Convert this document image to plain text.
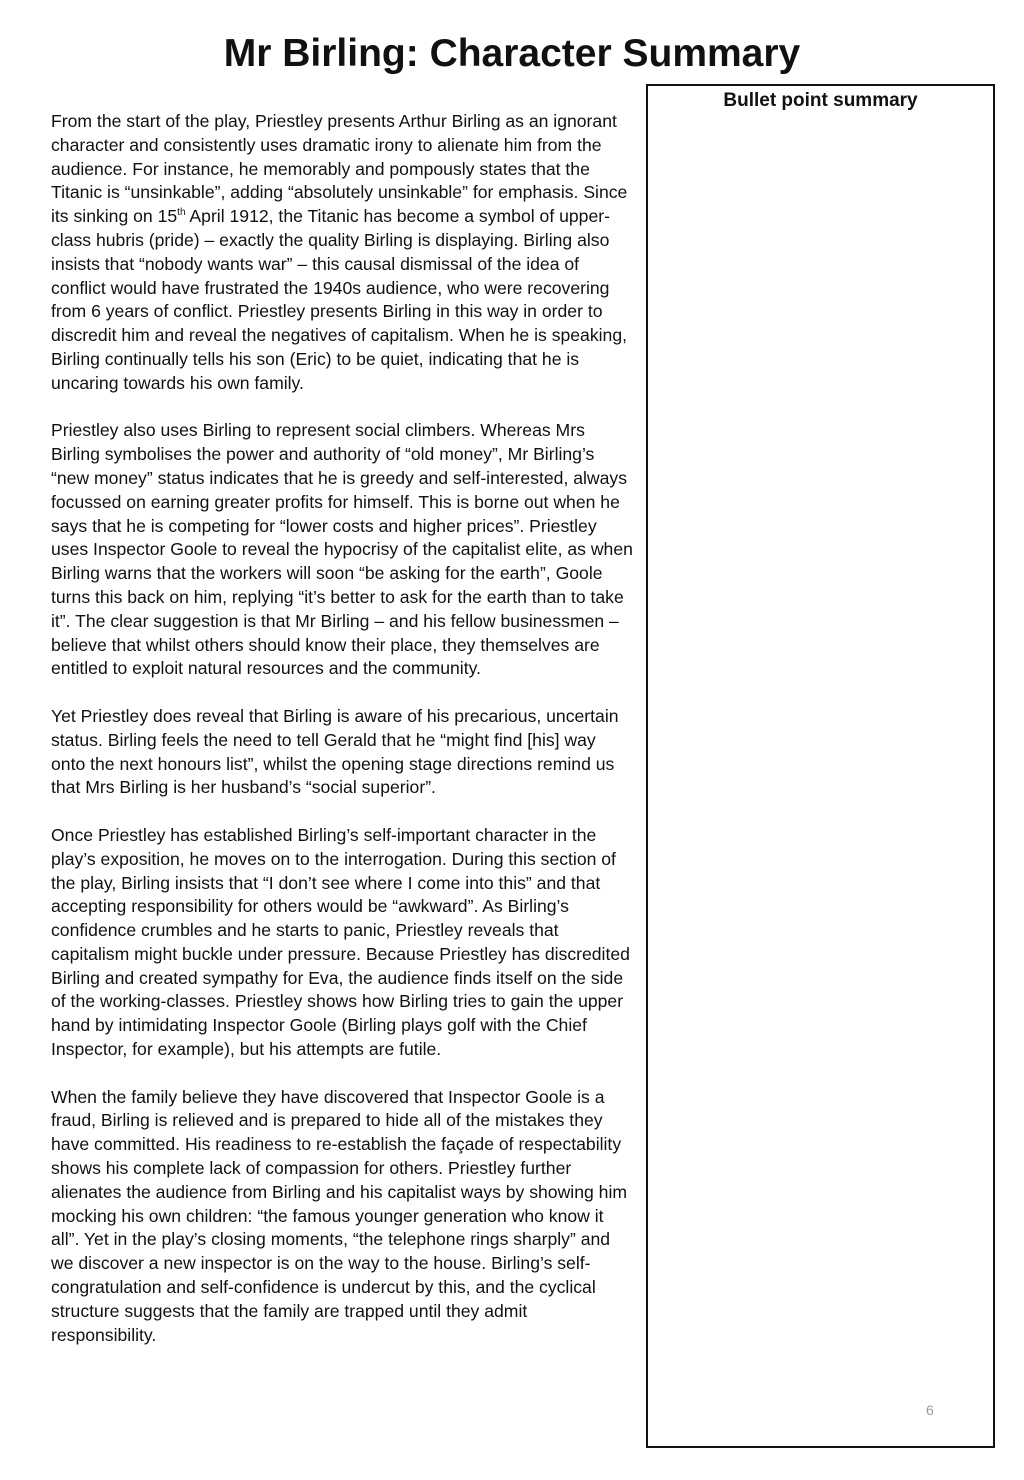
Mr Birling: Character Summary

From the start of the play, Priestley presents Arthur Birling as an ignorant character and consistently uses dramatic irony to alienate him from the audience. For instance, he memorably and pompously states that the Titanic is “unsinkable”, adding “absolutely unsinkable” for emphasis. Since its sinking on 15th April 1912, the Titanic has become a symbol of upper-class hubris (pride) – exactly the quality Birling is displaying. Birling also insists that “nobody wants war” – this causal dismissal of the idea of conflict would have frustrated the 1940s audience, who were recovering from 6 years of conflict. Priestley presents Birling in this way in order to discredit him and reveal the negatives of capitalism. When he is speaking, Birling continually tells his son (Eric) to be quiet, indicating that he is uncaring towards his own family.

Priestley also uses Birling to represent social climbers. Whereas Mrs Birling symbolises the power and authority of “old money”, Mr Birling’s “new money” status indicates that he is greedy and self-interested, always focussed on earning greater profits for himself. This is borne out when he says that he is competing for “lower costs and higher prices”. Priestley uses Inspector Goole to reveal the hypocrisy of the capitalist elite, as when Birling warns that the workers will soon “be asking for the earth”, Goole turns this back on him, replying “it’s better to ask for the earth than to take it”. The clear suggestion is that Mr Birling – and his fellow businessmen – believe that whilst others should know their place, they themselves are entitled to exploit natural resources and the community.

Yet Priestley does reveal that Birling is aware of his precarious, uncertain status. Birling feels the need to tell Gerald that he “might find [his] way onto the next honours list”, whilst the opening stage directions remind us that Mrs Birling is her husband’s “social superior”.

Once Priestley has established Birling’s self-important character in the play’s exposition, he moves on to the interrogation. During this section of the play, Birling insists that “I don’t see where I come into this” and that accepting responsibility for others would be “awkward”. As Birling’s confidence crumbles and he starts to panic, Priestley reveals that capitalism might buckle under pressure. Because Priestley has discredited Birling and created sympathy for Eva, the audience finds itself on the side of the working-classes. Priestley shows how Birling tries to gain the upper hand by intimidating Inspector Goole (Birling plays golf with the Chief Inspector, for example), but his attempts are futile.

When the family believe they have discovered that Inspector Goole is a fraud, Birling is relieved and is prepared to hide all of the mistakes they have committed. His readiness to re-establish the façade of respectability shows his complete lack of compassion for others. Priestley further alienates the audience from Birling and his capitalist ways by showing him mocking his own children: “the famous younger generation who know it all”. Yet in the play’s closing moments, “the telephone rings sharply” and we discover a new inspector is on the way to the house. Birling’s self-congratulation and self-confidence is undercut by this, and the cyclical structure suggests that the family are trapped until they admit responsibility.

Bullet point summary
6
